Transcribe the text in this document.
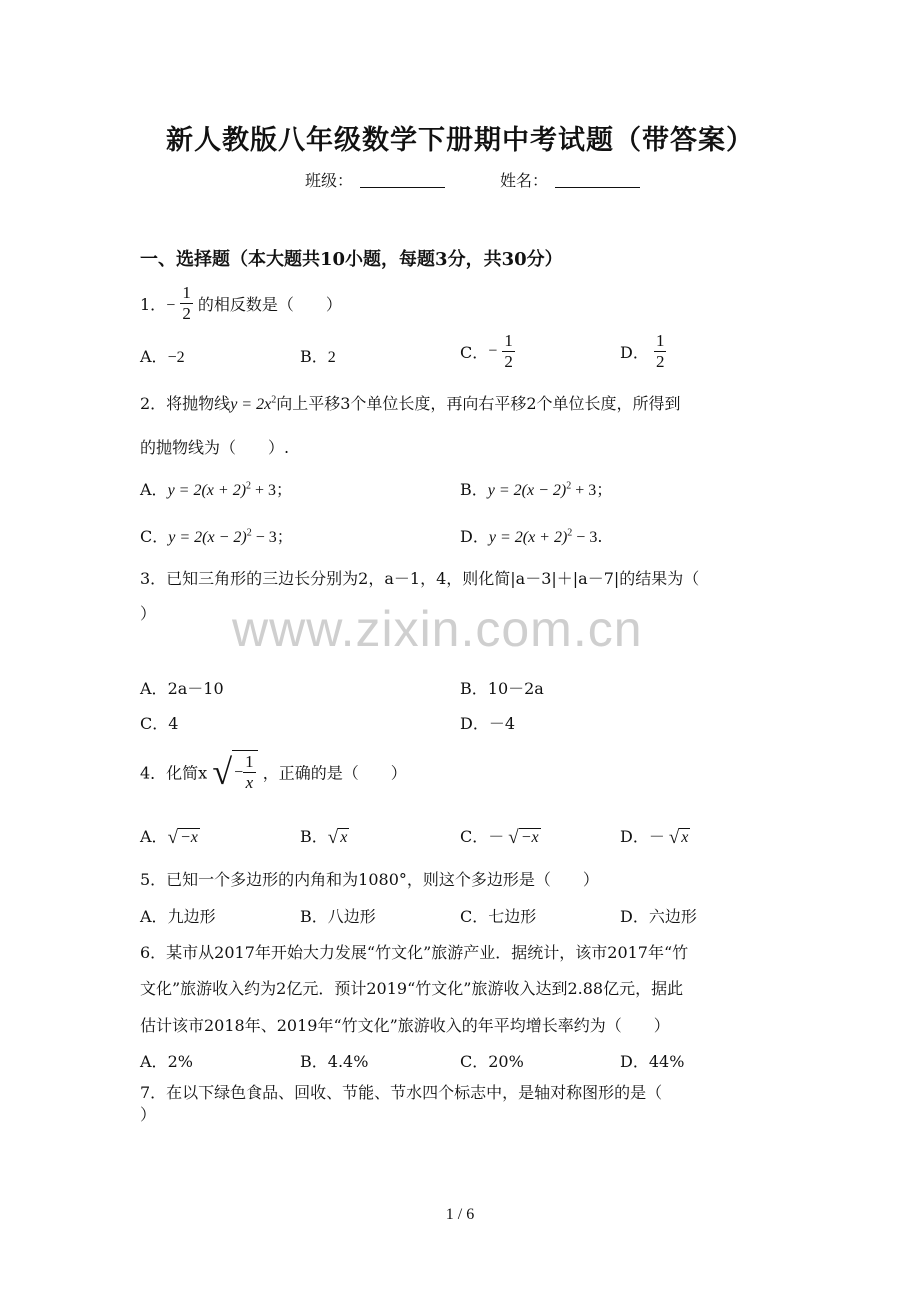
新人教版八年级数学下册期中考试题（带答案）
班级：	姓名：
一、选择题（本大题共10小题，每题3分，共30分）
1．− $\frac{1}{2}$ 的相反数是（　　）
A．−2	B．2	C．− $\frac{1}{2}$	D． $\frac{1}{2}$
2．将抛物线$y = 2x^2$向上平移3个单位长度，再向右平移2个单位长度，所得到
的抛物线为（　　）.
A．$y = 2(x + 2)^2 + 3$；	B．$y = 2(x - 2)^2 + 3$；
C．$y = 2(x - 2)^2 - 3$；	D．$y = 2(x + 2)^2 - 3$.
3．已知三角形的三边长分别为2，a－1，4，则化简|a－3|＋|a－7|的结果为（
） www.zixin.com.cn
A．2a－10	B．10－2a
C．4	D．－4
4．化简x √ − $\frac{1}{x}$ ，正确的是（　　）
A． √ −x	B． √ x	C．－ √ −x	D．－ √ x
5．已知一个多边形的内角和为1080°，则这个多边形是（　　）
A．九边形	B．八边形	C．七边形	D．六边形
6．某市从2017年开始大力发展“竹文化”旅游产业．据统计，该市2017年“竹
文化”旅游收入约为2亿元．预计2019“竹文化”旅游收入达到2.88亿元，据此
估计该市2018年、2019年“竹文化”旅游收入的年平均增长率约为（　　）
A．2%	B．4.4%	C．20%	D．44%
7．在以下绿色食品、回收、节能、节水四个标志中，是轴对称图形的是（
）
1 / 6
